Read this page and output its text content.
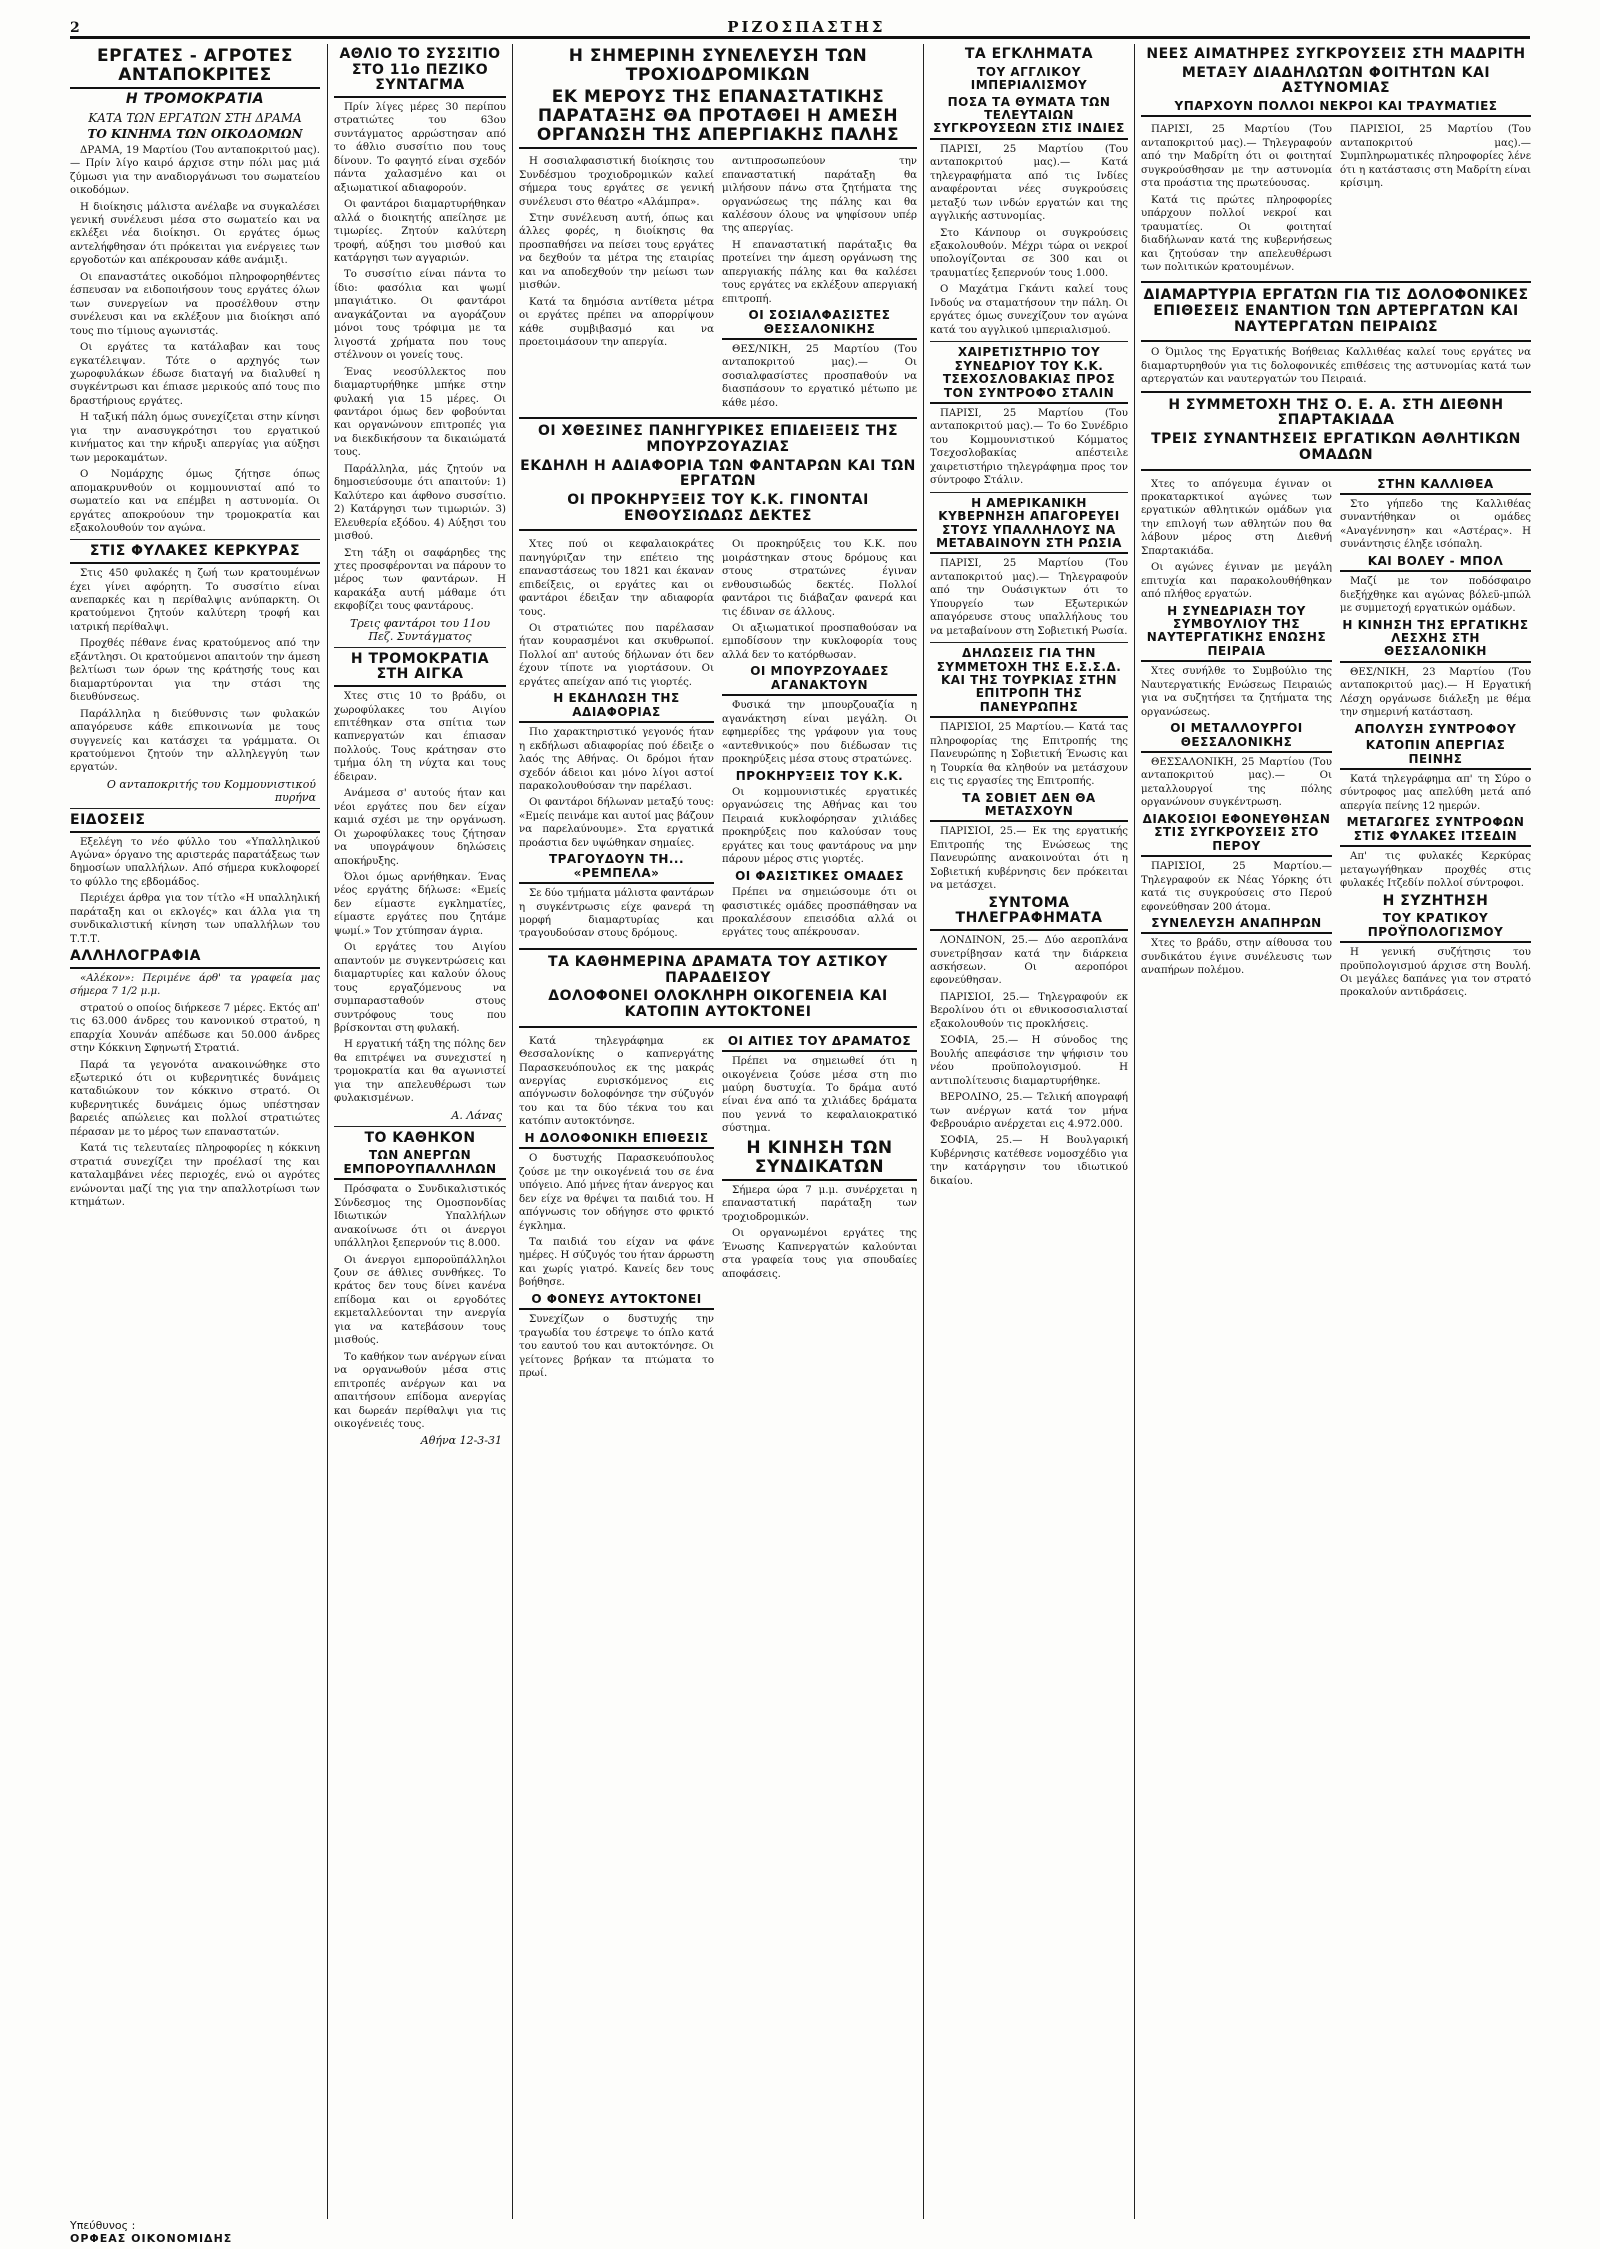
2	ΡΙΖΟΣΠΑΣΤΗΣ
ΕΡΓΑΤΕΣ - ΑΓΡΟΤΕΣ ΑΝΤΑΠΟΚΡΙΤΕΣ
Η ΤΡΟΜΟΚΡΑΤΙΑ
ΚΑΤΑ ΤΩΝ ΕΡΓΑΤΩΝ ΣΤΗ ΔΡΑΜΑ
ΤΟ ΚΙΝΗΜΑ ΤΩΝ ΟΙΚΟΔΟΜΩΝ

ΔΡΑΜΑ, 19 Μαρτίου (Του ανταποκριτού μας).— Πρίν λίγο καιρό άρχισε στην πόλι μας μιά ζύμωσι για την αναδιοργάνωσι του σωματείου οικοδόμων.

Η διοίκησις μάλιστα ανέλαβε να συγκαλέσει γενική συνέλευσι μέσα στο σωματείο και να εκλέξει νέα διοίκησι. Οι εργάτες όμως αντελήφθησαν ότι πρόκειται για ενέργειες των εργοδοτών και απέκρουσαν κάθε ανάμιξι.

Οι επαναστάτες οικοδόμοι πληροφορηθέντες έσπευσαν να ειδοποιήσουν τους εργάτες όλων των συνεργείων να προσέλθουν στην συνέλευσι και να εκλέξουν μια διοίκησι από τους πιο τίμιους αγωνιστάς.

Οι εργάτες τα κατάλαβαν και τους εγκατέλειψαν. Τότε ο αρχηγός των χωροφυλάκων έδωσε διαταγή να διαλυθεί η συγκέντρωσι και έπιασε μερικούς από τους πιο δραστήριους εργάτες.

Η ταξική πάλη όμως συνεχίζεται στην κίνησι για την ανασυγκρότησι του εργατικού κινήματος και την κήρυξι απεργίας για αύξησι των μεροκαμάτων.

Ο Νομάρχης όμως ζήτησε όπως απομακρυνθούν οι κομμουνισταί από το σωματείο και να επέμβει η αστυνομία. Οι εργάτες αποκρούουν την τρομοκρατία και εξακολουθούν τον αγώνα.

ΣΤΙΣ ΦΥΛΑΚΕΣ ΚΕΡΚΥΡΑΣ

Στις 450 φυλακές η ζωή των κρατουμένων έχει γίνει αφόρητη. Το συσσίτιο είναι ανεπαρκές και η περίθαλψις ανύπαρκτη. Οι κρατούμενοι ζητούν καλύτερη τροφή και ιατρική περίθαλψι.

Προχθές πέθανε ένας κρατούμενος από την εξάντλησι. Οι κρατούμενοι απαιτούν την άμεση βελτίωσι των όρων της κράτησής τους και διαμαρτύρονται για την στάσι της διευθύνσεως.

Παράλληλα η διεύθυνσις των φυλακών απαγόρευσε κάθε επικοινωνία με τους συγγενείς και κατάσχει τα γράμματα. Οι κρατούμενοι ζητούν την αλληλεγγύη των εργατών.

Ο ανταποκριτής του Κομμουνιστικού πυρήνα
ΕΙΔΟΣΕΙΣ

Εξελέγη το νέο φύλλο του «Υπαλληλικού Αγώνα» όργανο της αριστεράς παρατάξεως των δημοσίων υπαλλήλων. Από σήμερα κυκλοφορεί το φύλλο της εβδομάδος.

Περιέχει άρθρα για τον τίτλο «Η υπαλληλική παράταξη και οι εκλογές» και άλλα για τη συνδικαλιστική κίνηση των υπαλλήλων του Τ.Τ.Τ.

ΑΛΛΗΛΟΓΡΑΦΙΑ
«Αλέκον»: Περιμένε άρθ' τα γραφεία μας σήμερα 7 1/2 μ.μ.

στρατού ο οποίος διήρκεσε 7 μέρες. Εκτός απ' τις 63.000 άνδρες του κανονικού στρατού, η επαρχία Χουνάν απέδωσε και 50.000 άνδρες στην Κόκκινη Σφηνωτή Στρατιά.

Παρά τα γεγονότα ανακοινώθηκε στο εξωτερικό ότι οι κυβερνητικές δυνάμεις καταδιώκουν τον κόκκινο στρατό. Οι κυβερνητικές δυνάμεις όμως υπέστησαν βαρειές απώλειες και πολλοί στρατιώτες πέρασαν με το μέρος των επαναστατών.

Κατά τις τελευταίες πληροφορίες η κόκκινη στρατιά συνεχίζει την προέλασί της και καταλαμβάνει νέες περιοχές, ενώ οι αγρότες ενώνονται μαζί της για την απαλλοτρίωσι των κτημάτων.

ΑΘΛΙΟ ΤΟ ΣΥΣΣΙΤΙΟ ΣΤΟ 11ο ΠΕΖΙΚΟ ΣΥΝΤΑΓΜΑ

Πρίν λίγες μέρες 30 περίπου στρατιώτες του 63ου συντάγματος αρρώστησαν από το άθλιο συσσίτιο που τους δίνουν. Το φαγητό είναι σχεδόν πάντα χαλασμένο και οι αξιωματικοί αδιαφορούν.

Οι φαντάροι διαμαρτυρήθηκαν αλλά ο διοικητής απείλησε με τιμωρίες. Ζητούν καλύτερη τροφή, αύξησι του μισθού και κατάργησι των αγγαριών.

Το συσσίτιο είναι πάντα το ίδιο: φασόλια και ψωμί μπαγιάτικο. Οι φαντάροι αναγκάζονται να αγοράζουν μόνοι τους τρόφιμα με τα λιγοστά χρήματα που τους στέλνουν οι γονείς τους.

Ένας νεοσύλλεκτος που διαμαρτυρήθηκε μπήκε στην φυλακή για 15 μέρες. Οι φαντάροι όμως δεν φοβούνται και οργανώνουν επιτροπές για να διεκδικήσουν τα δικαιώματά τους.

Παράλληλα, μάς ζητούν να δημοσιεύσουμε ότι απαιτούν: 1) Καλύτερο και άφθονο συσσίτιο. 2) Κατάργησι των τιμωριών. 3) Ελευθερία εξόδου. 4) Αύξησι του μισθού.

Στη τάξη οι σαφάρηδες της χτες προσφέρονται να πάρουν το μέρος των φαντάρων. Η καρακάξα αυτή μάθαμε ότι εκφοβίζει τους φαντάρους.

Τρεις φαντάροι του 11ου Πεζ. Συντάγματος
Η ΤΡΟΜΟΚΡΑΤΙΑ ΣΤΗ ΑΙΓΚΑ

Χτες στις 10 το βράδυ, οι χωροφύλακες του Αιγίου επιτέθηκαν στα σπίτια των καπνεργατών και έπιασαν πολλούς. Τους κράτησαν στο τμήμα όλη τη νύχτα και τους έδειραν.

Ανάμεσα σ' αυτούς ήταν και νέοι εργάτες που δεν είχαν καμιά σχέσι με την οργάνωση. Οι χωροφύλακες τους ζήτησαν να υπογράψουν δηλώσεις αποκήρυξης.

Όλοι όμως αρνήθηκαν. Ένας νέος εργάτης δήλωσε: «Εμείς δεν είμαστε εγκληματίες, είμαστε εργάτες που ζητάμε ψωμί.» Τον χτύπησαν άγρια.

Οι εργάτες του Αιγίου απαντούν με συγκεντρώσεις και διαμαρτυρίες και καλούν όλους τους εργαζόμενους να συμπαρασταθούν στους συντρόφους τους που βρίσκονται στη φυλακή.

Η εργατική τάξη της πόλης δεν θα επιτρέψει να συνεχιστεί η τρομοκρατία και θα αγωνιστεί για την απελευθέρωσι των φυλακισμένων.

Α. Λάνας
ΤΟ ΚΑΘΗΚΟΝ
ΤΩΝ ΑΝΕΡΓΩΝ ΕΜΠΟΡΟΥΠΑΛΛΗΛΩΝ

Πρόσφατα ο Συνδικαλιστικός Σύνδεσμος της Ομοσπονδίας Ιδιωτικών Υπαλλήλων ανακοίνωσε ότι οι άνεργοι υπάλληλοι ξεπερνούν τις 8.000.

Οι άνεργοι εμποροϋπάλληλοι ζουν σε άθλιες συνθήκες. Το κράτος δεν τους δίνει κανένα επίδομα και οι εργοδότες εκμεταλλεύονται την ανεργία για να κατεβάσουν τους μισθούς.

Το καθήκον των ανέργων είναι να οργανωθούν μέσα στις επιτροπές ανέργων και να απαιτήσουν επίδομα ανεργίας και δωρεάν περίθαλψι για τις οικογένειές τους.

Αθήνα 12-3-31
Η ΣΗΜΕΡΙΝΗ ΣΥΝΕΛΕΥΣΗ ΤΩΝ ΤΡΟΧΙΟΔΡΟΜΙΚΩΝ
ΕΚ ΜΕΡΟΥΣ ΤΗΣ ΕΠΑΝΑΣΤΑΤΙΚΗΣ ΠΑΡΑΤΑΞΗΣ ΘΑ ΠΡΟΤΑΘΕΙ Η ΑΜΕΣΗ ΟΡΓΑΝΩΣΗ ΤΗΣ ΑΠΕΡΓΙΑΚΗΣ ΠΑΛΗΣ

Η σοσιαλφασιστική διοίκησις του Συνδέσμου τροχιοδρομικών καλεί σήμερα τους εργάτες σε γενική συνέλευσι στο θέατρο «Αλάμπρα».

Στην συνέλευση αυτή, όπως και άλλες φορές, η διοίκησις θα προσπαθήσει να πείσει τους εργάτες να δεχθούν τα μέτρα της εταιρίας και να αποδεχθούν την μείωσι των μισθών.

Κατά τα δημόσια αντίθετα μέτρα οι εργάτες πρέπει να απορρίψουν κάθε συμβιβασμό και να προετοιμάσουν την απεργία.

αντιπροσωπεύουν την επαναστατική παράταξη θα μιλήσουν πάνω στα ζητήματα της οργανώσεως της πάλης και θα καλέσουν όλους να ψηφίσουν υπέρ της απεργίας.

Η επαναστατική παράταξις θα προτείνει την άμεση οργάνωση της απεργιακής πάλης και θα καλέσει τους εργάτες να εκλέξουν απεργιακή επιτροπή.

ΟΙ ΣΟΣΙΑΛΦΑΣΙΣΤΕΣ ΘΕΣΣΑΛΟΝΙΚΗΣ

ΘΕΣ/ΝΙΚΗ, 25 Μαρτίου (Του ανταποκριτού μας).— Οι σοσιαλφασίστες προσπαθούν να διασπάσουν το εργατικό μέτωπο με κάθε μέσο.

ΟΙ ΧΘΕΣΙΝΕΣ ΠΑΝΗΓΥΡΙΚΕΣ ΕΠΙΔΕΙΞΕΙΣ ΤΗΣ ΜΠΟΥΡΖΟΥΑΖΙΑΣ
ΕΚΔΗΛΗ Η ΑΔΙΑΦΟΡΙΑ ΤΩΝ ΦΑΝΤΑΡΩΝ ΚΑΙ ΤΩΝ ΕΡΓΑΤΩΝ
ΟΙ ΠΡΟΚΗΡΥΞΕΙΣ ΤΟΥ Κ.Κ. ΓΙΝΟΝΤΑΙ ΕΝΘΟΥΣΙΩΔΩΣ ΔΕΚΤΕΣ

Χτες πού οι κεφαλαιοκράτες πανηγύριζαν την επέτειο της επαναστάσεως του 1821 και έκαναν επιδείξεις, οι εργάτες και οι φαντάροι έδειξαν την αδιαφορία τους.

Οι στρατιώτες που παρέλασαν ήταν κουρασμένοι και σκυθρωποί. Πολλοί απ' αυτούς δήλωναν ότι δεν έχουν τίποτε να γιορτάσουν. Οι εργάτες απείχαν από τις γιορτές.

Η ΕΚΔΗΛΩΣΗ ΤΗΣ ΑΔΙΑΦΟΡΙΑΣ

Πιο χαρακτηριστικό γεγονός ήταν η εκδήλωσι αδιαφορίας πού έδειξε ο λαός της Αθήνας. Οι δρόμοι ήταν σχεδόν άδειοι και μόνο λίγοι αστοί παρακολουθούσαν την παρέλασι.

Οι φαντάροι δήλωναν μεταξύ τους: «Εμείς πεινάμε και αυτοί μας βάζουν να παρελαύνουμε». Στα εργατικά προάστια δεν υψώθηκαν σημαίες.

ΤΡΑΓΟΥΔΟΥΝ ΤΗ... «ΡΕΜΠΕΛΑ»

Σε δύο τμήματα μάλιστα φαντάρων η συγκέντρωσις είχε φανερά τη μορφή διαμαρτυρίας και τραγουδούσαν στους δρόμους.

Οι προκηρύξεις του Κ.Κ. που μοιράστηκαν στους δρόμους και στους στρατώνες έγιναν ενθουσιωδώς δεκτές. Πολλοί φαντάροι τις διάβαζαν φανερά και τις έδιναν σε άλλους.

Οι αξιωματικοί προσπαθούσαν να εμποδίσουν την κυκλοφορία τους αλλά δεν το κατόρθωσαν.

ΟΙ ΜΠΟΥΡΖΟΥΑΔΕΣ ΑΓΑΝΑΚΤΟΥΝ

Φυσικά την μπουρζουαζία η αγανάκτηση είναι μεγάλη. Οι εφημερίδες της γράφουν για τους «αντεθνικούς» που διέδωσαν τις προκηρύξεις μέσα στους στρατώνες.

ΠΡΟΚΗΡΥΞΕΙΣ ΤΟΥ Κ.Κ.

Οι κομμουνιστικές εργατικές οργανώσεις της Αθήνας και του Πειραιά κυκλοφόρησαν χιλιάδες προκηρύξεις που καλούσαν τους εργάτες και τους φαντάρους να μην πάρουν μέρος στις γιορτές.

ΟΙ ΦΑΣΙΣΤΙΚΕΣ ΟΜΑΔΕΣ

Πρέπει να σημειώσουμε ότι οι φασιστικές ομάδες προσπάθησαν να προκαλέσουν επεισόδια αλλά οι εργάτες τους απέκρουσαν.

ΤΑ ΚΑΘΗΜΕΡΙΝΑ ΔΡΑΜΑΤΑ ΤΟΥ ΑΣΤΙΚΟΥ ΠΑΡΑΔΕΙΣΟΥ
ΔΟΛΟΦΟΝΕΙ ΟΛΟΚΛΗΡΗ ΟΙΚΟΓΕΝΕΙΑ ΚΑΙ ΚΑΤΟΠΙΝ ΑΥΤΟΚΤΟΝΕΙ

Κατά τηλεγράφημα εκ Θεσσαλονίκης ο καπνεργάτης Παρασκευόπουλος εκ της μακράς ανεργίας ευρισκόμενος εις απόγνωσιν δολοφόνησε την σύζυγόν του και τα δύο τέκνα του και κατόπιν αυτοκτόνησε.

Η ΔΟΛΟΦΟΝΙΚΗ ΕΠΙΘΕΣΙΣ

Ο δυστυχής Παρασκευόπουλος ζούσε με την οικογένειά του σε ένα υπόγειο. Από μήνες ήταν άνεργος και δεν είχε να θρέψει τα παιδιά του. Η απόγνωσις τον οδήγησε στο φρικτό έγκλημα.

Τα παιδιά του είχαν να φάνε ημέρες. Η σύζυγός του ήταν άρρωστη και χωρίς γιατρό. Κανείς δεν τους βοήθησε.

Ο ΦΟΝΕΥΣ ΑΥΤΟΚΤΟΝΕΙ

Συνεχίζων ο δυστυχής την τραγωδία του έστρεψε το όπλο κατά του εαυτού του και αυτοκτόνησε. Οι γείτονες βρήκαν τα πτώματα το πρωί.

ΟΙ ΑΙΤΙΕΣ ΤΟΥ ΔΡΑΜΑΤΟΣ

Πρέπει να σημειωθεί ότι η οικογένεια ζούσε μέσα στη πιο μαύρη δυστυχία. Το δράμα αυτό είναι ένα από τα χιλιάδες δράματα που γεννά το κεφαλαιοκρατικό σύστημα.

Η ΚΙΝΗΣΗ ΤΩΝ ΣΥΝΔΙΚΑΤΩΝ

Σήμερα ώρα 7 μ.μ. συνέρχεται η επαναστατική παράταξη των τροχιοδρομικών.

Οι οργανωμένοι εργάτες της Ένωσης Καπνεργατών καλούνται στα γραφεία τους για σπουδαίες αποφάσεις.

ΤΑ ΕΓΚΛΗΜΑΤΑ
ΤΟΥ ΑΓΓΛΙΚΟΥ ΙΜΠΕΡΙΑΛΙΣΜΟΥ
ΠΟΣΑ ΤΑ ΘΥΜΑΤΑ ΤΩΝ ΤΕΛΕΥΤΑΙΩΝ ΣΥΓΚΡΟΥΣΕΩΝ ΣΤΙΣ ΙΝΔΙΕΣ

ΠΑΡΙΣΙ, 25 Μαρτίου (Του ανταποκριτού μας).— Κατά τηλεγραφήματα από τις Ινδίες αναφέρονται νέες συγκρούσεις μεταξύ των ινδών εργατών και της αγγλικής αστυνομίας.

Στο Κάνπουρ οι συγκρούσεις εξακολουθούν. Μέχρι τώρα οι νεκροί υπολογίζονται σε 300 και οι τραυματίες ξεπερνούν τους 1.000.

Ο Μαχάτμα Γκάντι καλεί τους Ινδούς να σταματήσουν την πάλη. Οι εργάτες όμως συνεχίζουν τον αγώνα κατά του αγγλικού ιμπεριαλισμού.

ΧΑΙΡΕΤΙΣΤΗΡΙΟ ΤΟΥ ΣΥΝΕΔΡΙΟΥ ΤΟΥ Κ.Κ. ΤΣΕΧΟΣΛΟΒΑΚΙΑΣ ΠΡΟΣ ΤΟΝ ΣΥΝΤΡΟΦΟ ΣΤΑΛΙΝ

ΠΑΡΙΣΙ, 25 Μαρτίου (Του ανταποκριτού μας).— Το 6ο Συνέδριο του Κομμουνιστικού Κόμματος Τσεχοσλοβακίας απέστειλε χαιρετιστήριο τηλεγράφημα προς τον σύντροφο Στάλιν.

Η ΑΜΕΡΙΚΑΝΙΚΗ ΚΥΒΕΡΝΗΣΗ ΑΠΑΓΟΡΕΥΕΙ ΣΤΟΥΣ ΥΠΑΛΛΗΛΟΥΣ ΝΑ ΜΕΤΑΒΑΙΝΟΥΝ ΣΤΗ ΡΩΣΙΑ

ΠΑΡΙΣΙ, 25 Μαρτίου (Του ανταποκριτού μας).— Τηλεγραφούν από την Ουάσιγκτων ότι το Υπουργείο των Εξωτερικών απαγόρευσε στους υπαλλήλους του να μεταβαίνουν στη Σοβιετική Ρωσία.

ΔΗΛΩΣΕΙΣ ΓΙΑ ΤΗΝ ΣΥΜΜΕΤΟΧΗ ΤΗΣ Ε.Σ.Σ.Δ. ΚΑΙ ΤΗΣ ΤΟΥΡΚΙΑΣ ΣΤΗΝ ΕΠΙΤΡΟΠΗ ΤΗΣ ΠΑΝΕΥΡΩΠΗΣ

ΠΑΡΙΣΙΟΙ, 25 Μαρτίου.— Κατά τας πληροφορίας της Επιτροπής της Πανευρώπης η Σοβιετική Ένωσις και η Τουρκία θα κληθούν να μετάσχουν εις τις εργασίες της Επιτροπής.

ΤΑ ΣΟΒΙΕΤ ΔΕΝ ΘΑ ΜΕΤΑΣΧΟΥΝ

ΠΑΡΙΣΙΟΙ, 25.— Εκ της εργατικής Επιτροπής της Ενώσεως της Πανευρώπης ανακοινούται ότι η Σοβιετική κυβέρνησις δεν πρόκειται να μετάσχει.

ΣΥΝΤΟΜΑ ΤΗΛΕΓΡΑΦΗΜΑΤΑ

ΛΟΝΔΙΝΟΝ, 25.— Δύο αεροπλάνα συνετρίβησαν κατά την διάρκεια ασκήσεων. Οι αεροπόροι εφονεύθησαν.

ΠΑΡΙΣΙΟΙ, 25.— Τηλεγραφούν εκ Βερολίνου ότι οι εθνικοσοσιαλισταί εξακολουθούν τις προκλήσεις.

ΣΟΦΙΑ, 25.— Η σύνοδος της Βουλής απεφάσισε την ψήφισιν του νέου προϋπολογισμού. Η αντιπολίτευσις διαμαρτυρήθηκε.

ΒΕΡΟΛΙΝΟ, 25.— Τελική απογραφή των ανέργων κατά τον μήνα Φεβρουάριο ανέρχεται εις 4.972.000.

ΣΟΦΙΑ, 25.— Η Βουλγαρική Κυβέρνησις κατέθεσε νομοσχέδιο για την κατάργησιν του ιδιωτικού δικαίου.

ΝΕΕΣ ΑΙΜΑΤΗΡΕΣ ΣΥΓΚΡΟΥΣΕΙΣ ΣΤΗ ΜΑΔΡΙΤΗ
ΜΕΤΑΞΥ ΔΙΑΔΗΛΩΤΩΝ ΦΟΙΤΗΤΩΝ ΚΑΙ ΑΣΤΥΝΟΜΙΑΣ
ΥΠΑΡΧΟΥΝ ΠΟΛΛΟΙ ΝΕΚΡΟΙ ΚΑΙ ΤΡΑΥΜΑΤΙΕΣ

ΠΑΡΙΣΙ, 25 Μαρτίου (Του ανταποκριτού μας).— Τηλεγραφούν από την Μαδρίτη ότι οι φοιτηταί συγκρούσθησαν με την αστυνομία στα προάστια της πρωτεύουσας.

Κατά τις πρώτες πληροφορίες υπάρχουν πολλοί νεκροί και τραυματίες. Οι φοιτηταί διαδήλωναν κατά της κυβερνήσεως και ζητούσαν την απελευθέρωσι των πολιτικών κρατουμένων.

ΠΑΡΙΣΙΟΙ, 25 Μαρτίου (Του ανταποκριτού μας).— Συμπληρωματικές πληροφορίες λένε ότι η κατάστασις στη Μαδρίτη είναι κρίσιμη.

ΔΙΑΜΑΡΤΥΡΙΑ ΕΡΓΑΤΩΝ ΓΙΑ ΤΙΣ ΔΟΛΟΦΟΝΙΚΕΣ ΕΠΙΘΕΣΕΙΣ ΕΝΑΝΤΙΟΝ ΤΩΝ ΑΡΤΕΡΓΑΤΩΝ ΚΑΙ ΝΑΥΤΕΡΓΑΤΩΝ ΠΕΙΡΑΙΩΣ

Ο Όμιλος της Εργατικής Βοήθειας Καλλιθέας καλεί τους εργάτες να διαμαρτυρηθούν για τις δολοφονικές επιθέσεις της αστυνομίας κατά των αρτεργατών και ναυτεργατών του Πειραιά.

Η ΣΥΜΜΕΤΟΧΗ ΤΗΣ Ο. Ε. Α. ΣΤΗ ΔΙΕΘΝΗ ΣΠΑΡΤΑΚΙΑΔΑ
ΤΡΕΙΣ ΣΥΝΑΝΤΗΣΕΙΣ ΕΡΓΑΤΙΚΩΝ ΑΘΛΗΤΙΚΩΝ ΟΜΑΔΩΝ

Χτες το απόγευμα έγιναν οι προκαταρκτικοί αγώνες των εργατικών αθλητικών ομάδων για την επιλογή των αθλητών που θα λάβουν μέρος στη Διεθνή Σπαρτακιάδα.

Οι αγώνες έγιναν με μεγάλη επιτυχία και παρακολουθήθηκαν από πλήθος εργατών.

Η ΣΥΝΕΔΡΙΑΣΗ ΤΟΥ ΣΥΜΒΟΥΛΙΟΥ ΤΗΣ ΝΑΥΤΕΡΓΑΤΙΚΗΣ ΕΝΩΣΗΣ ΠΕΙΡΑΙΑ

Χτες συνήλθε το Συμβούλιο της Ναυτεργατικής Ενώσεως Πειραιώς για να συζητήσει τα ζητήματα της οργανώσεως.

ΟΙ ΜΕΤΑΛΛΟΥΡΓΟΙ ΘΕΣΣΑΛΟΝΙΚΗΣ

ΘΕΣΣΑΛΟΝΙΚΗ, 25 Μαρτίου (Του ανταποκριτού μας).— Οι μεταλλουργοί της πόλης οργανώνουν συγκέντρωση.

ΔΙΑΚΟΣΙΟΙ ΕΦΟΝΕΥΘΗΣΑΝ ΣΤΙΣ ΣΥΓΚΡΟΥΣΕΙΣ ΣΤΟ ΠΕΡΟΥ

ΠΑΡΙΣΙΟΙ, 25 Μαρτίου.— Τηλεγραφούν εκ Νέας Υόρκης ότι κατά τις συγκρούσεις στο Περού εφονεύθησαν 200 άτομα.

ΣΥΝΕΛΕΥΣΗ ΑΝΑΠΗΡΩΝ

Χτες το βράδυ, στην αίθουσα του συνδικάτου έγινε συνέλευσις των αναπήρων πολέμου.

ΣΤΗΝ ΚΑΛΛΙΘΕΑ

Στο γήπεδο της Καλλιθέας συναντήθηκαν οι ομάδες «Αναγέννηση» και «Αστέρας». Η συνάντησις έληξε ισόπαλη.

ΚΑΙ ΒΟΛΕΥ - ΜΠΟΛ

Μαζί με τον ποδόσφαιρο διεξήχθηκε και αγώνας βόλεϋ-μπώλ με συμμετοχή εργατικών ομάδων.

Η ΚΙΝΗΣΗ ΤΗΣ ΕΡΓΑΤΙΚΗΣ ΛΕΣΧΗΣ ΣΤΗ ΘΕΣΣΑΛΟΝΙΚΗ

ΘΕΣ/ΝΙΚΗ, 23 Μαρτίου (Του ανταποκριτού μας).— Η Εργατική Λέσχη οργάνωσε διάλεξη με θέμα την σημερινή κατάσταση.

ΑΠΟΛΥΣΗ ΣΥΝΤΡΟΦΟΥ
ΚΑΤΟΠΙΝ ΑΠΕΡΓΙΑΣ ΠΕΙΝΗΣ

Κατά τηλεγράφημα απ' τη Σύρο ο σύντροφος μας απελύθη μετά από απεργία πείνης 12 ημερών.

ΜΕΤΑΓΩΓΕΣ ΣΥΝΤΡΟΦΩΝ ΣΤΙΣ ΦΥΛΑΚΕΣ ΙΤΣΕΔΙΝ

Απ' τις φυλακές Κερκύρας μεταγωγήθηκαν προχθές στις φυλακές Ιτζεδίν πολλοί σύντροφοι.

Η ΣΥΖΗΤΗΣΗ
ΤΟΥ ΚΡΑΤΙΚΟΥ ΠΡΟΫΠΟΛΟΓΙΣΜΟΥ

Η γενική συζήτησις του προϋπολογισμού άρχισε στη Βουλή. Οι μεγάλες δαπάνες για τον στρατό προκαλούν αντιδράσεις.

Υπεύθυνος :
ΟΡΦΕΑΣ ΟΙΚΟΝΟΜΙΔΗΣ
